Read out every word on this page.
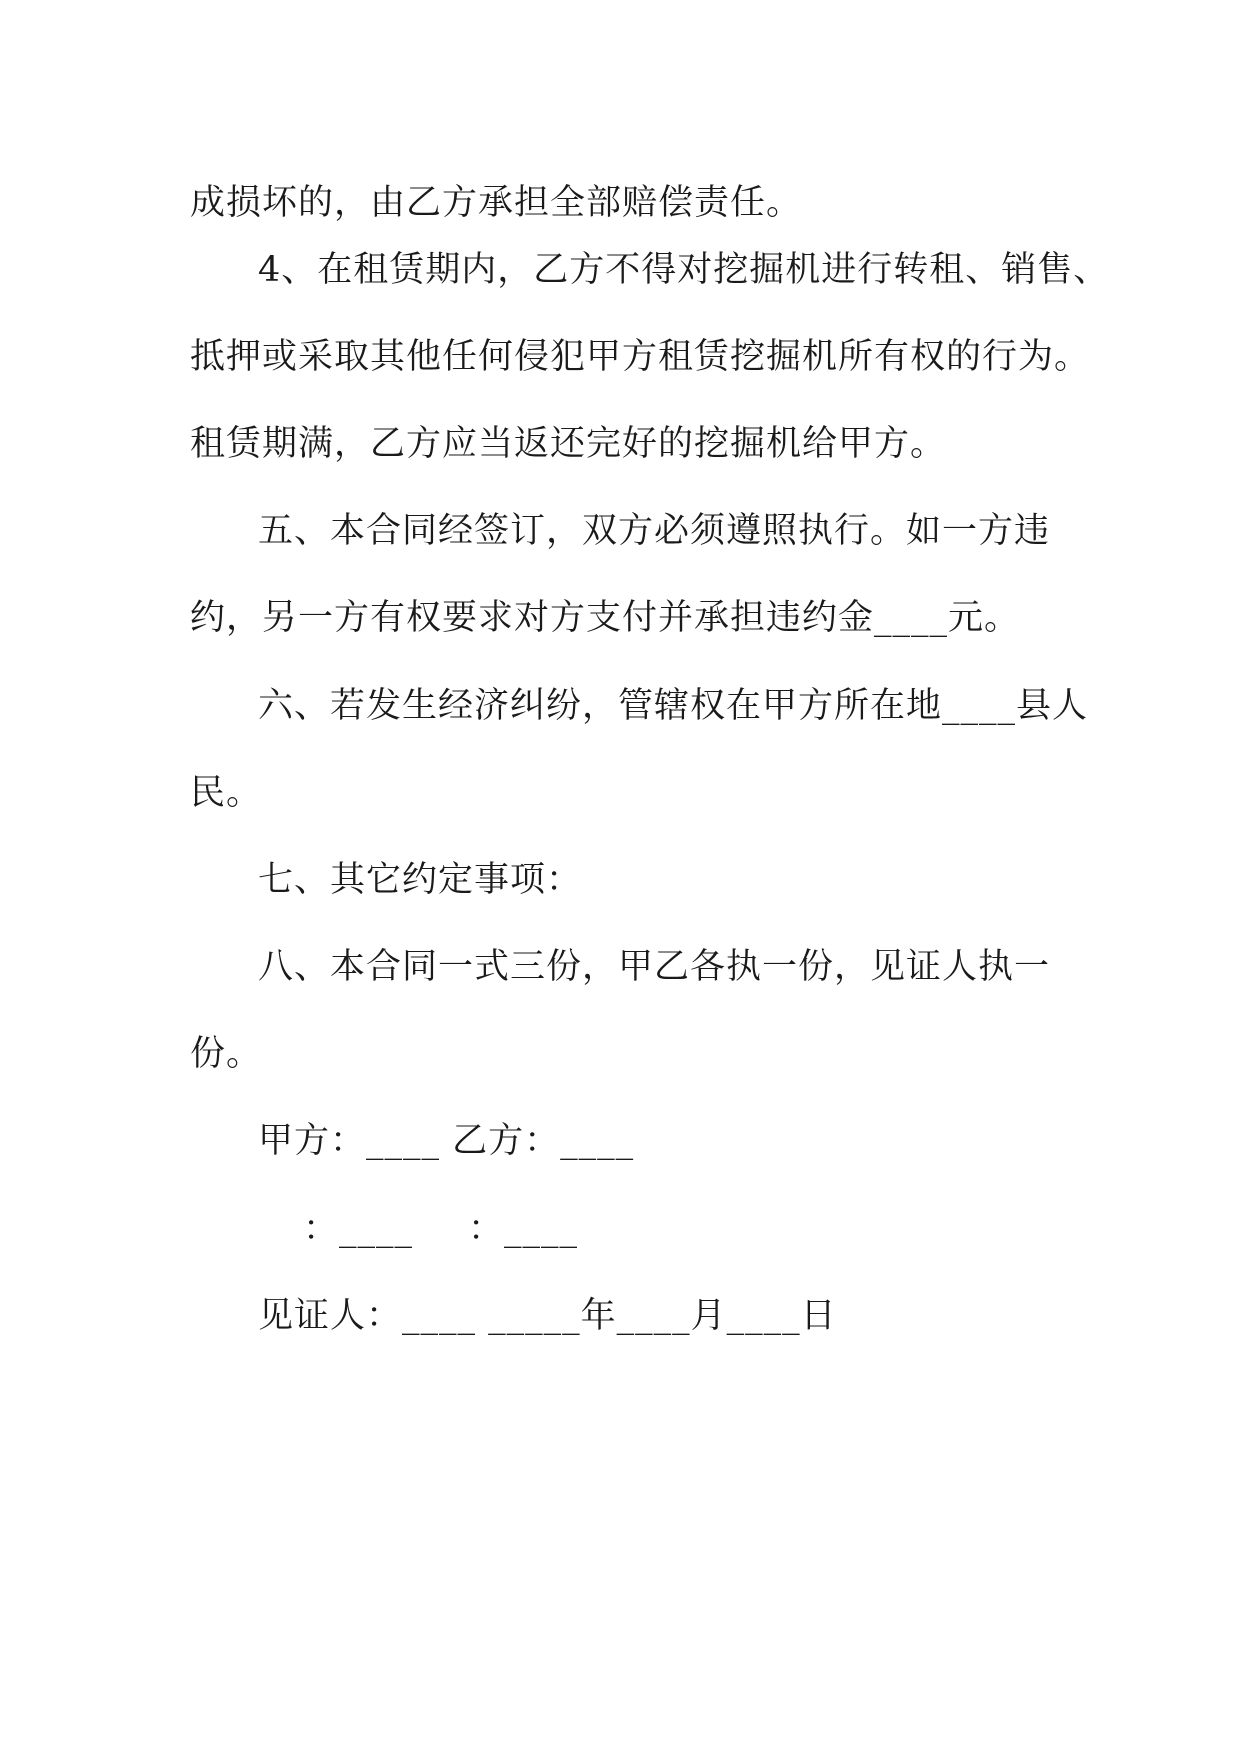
成损坏的，由乙方承担全部赔偿责任。
4、在租赁期内，乙方不得对挖掘机进行转租、销售、
抵押或采取其他任何侵犯甲方租赁挖掘机所有权的行为。
租赁期满，乙方应当返还完好的挖掘机给甲方。
五、本合同经签订，双方必须遵照执行。如一方违
约，另一方有权要求对方支付并承担违约金____元。
六、若发生经济纠纷，管辖权在甲方所在地____县人
民。
七、其它约定事项：
八、本合同一式三份，甲乙各执一份，见证人执一
份。
甲方：____ 乙方：____
：____ ：____
见证人：____ _____年____月____日
